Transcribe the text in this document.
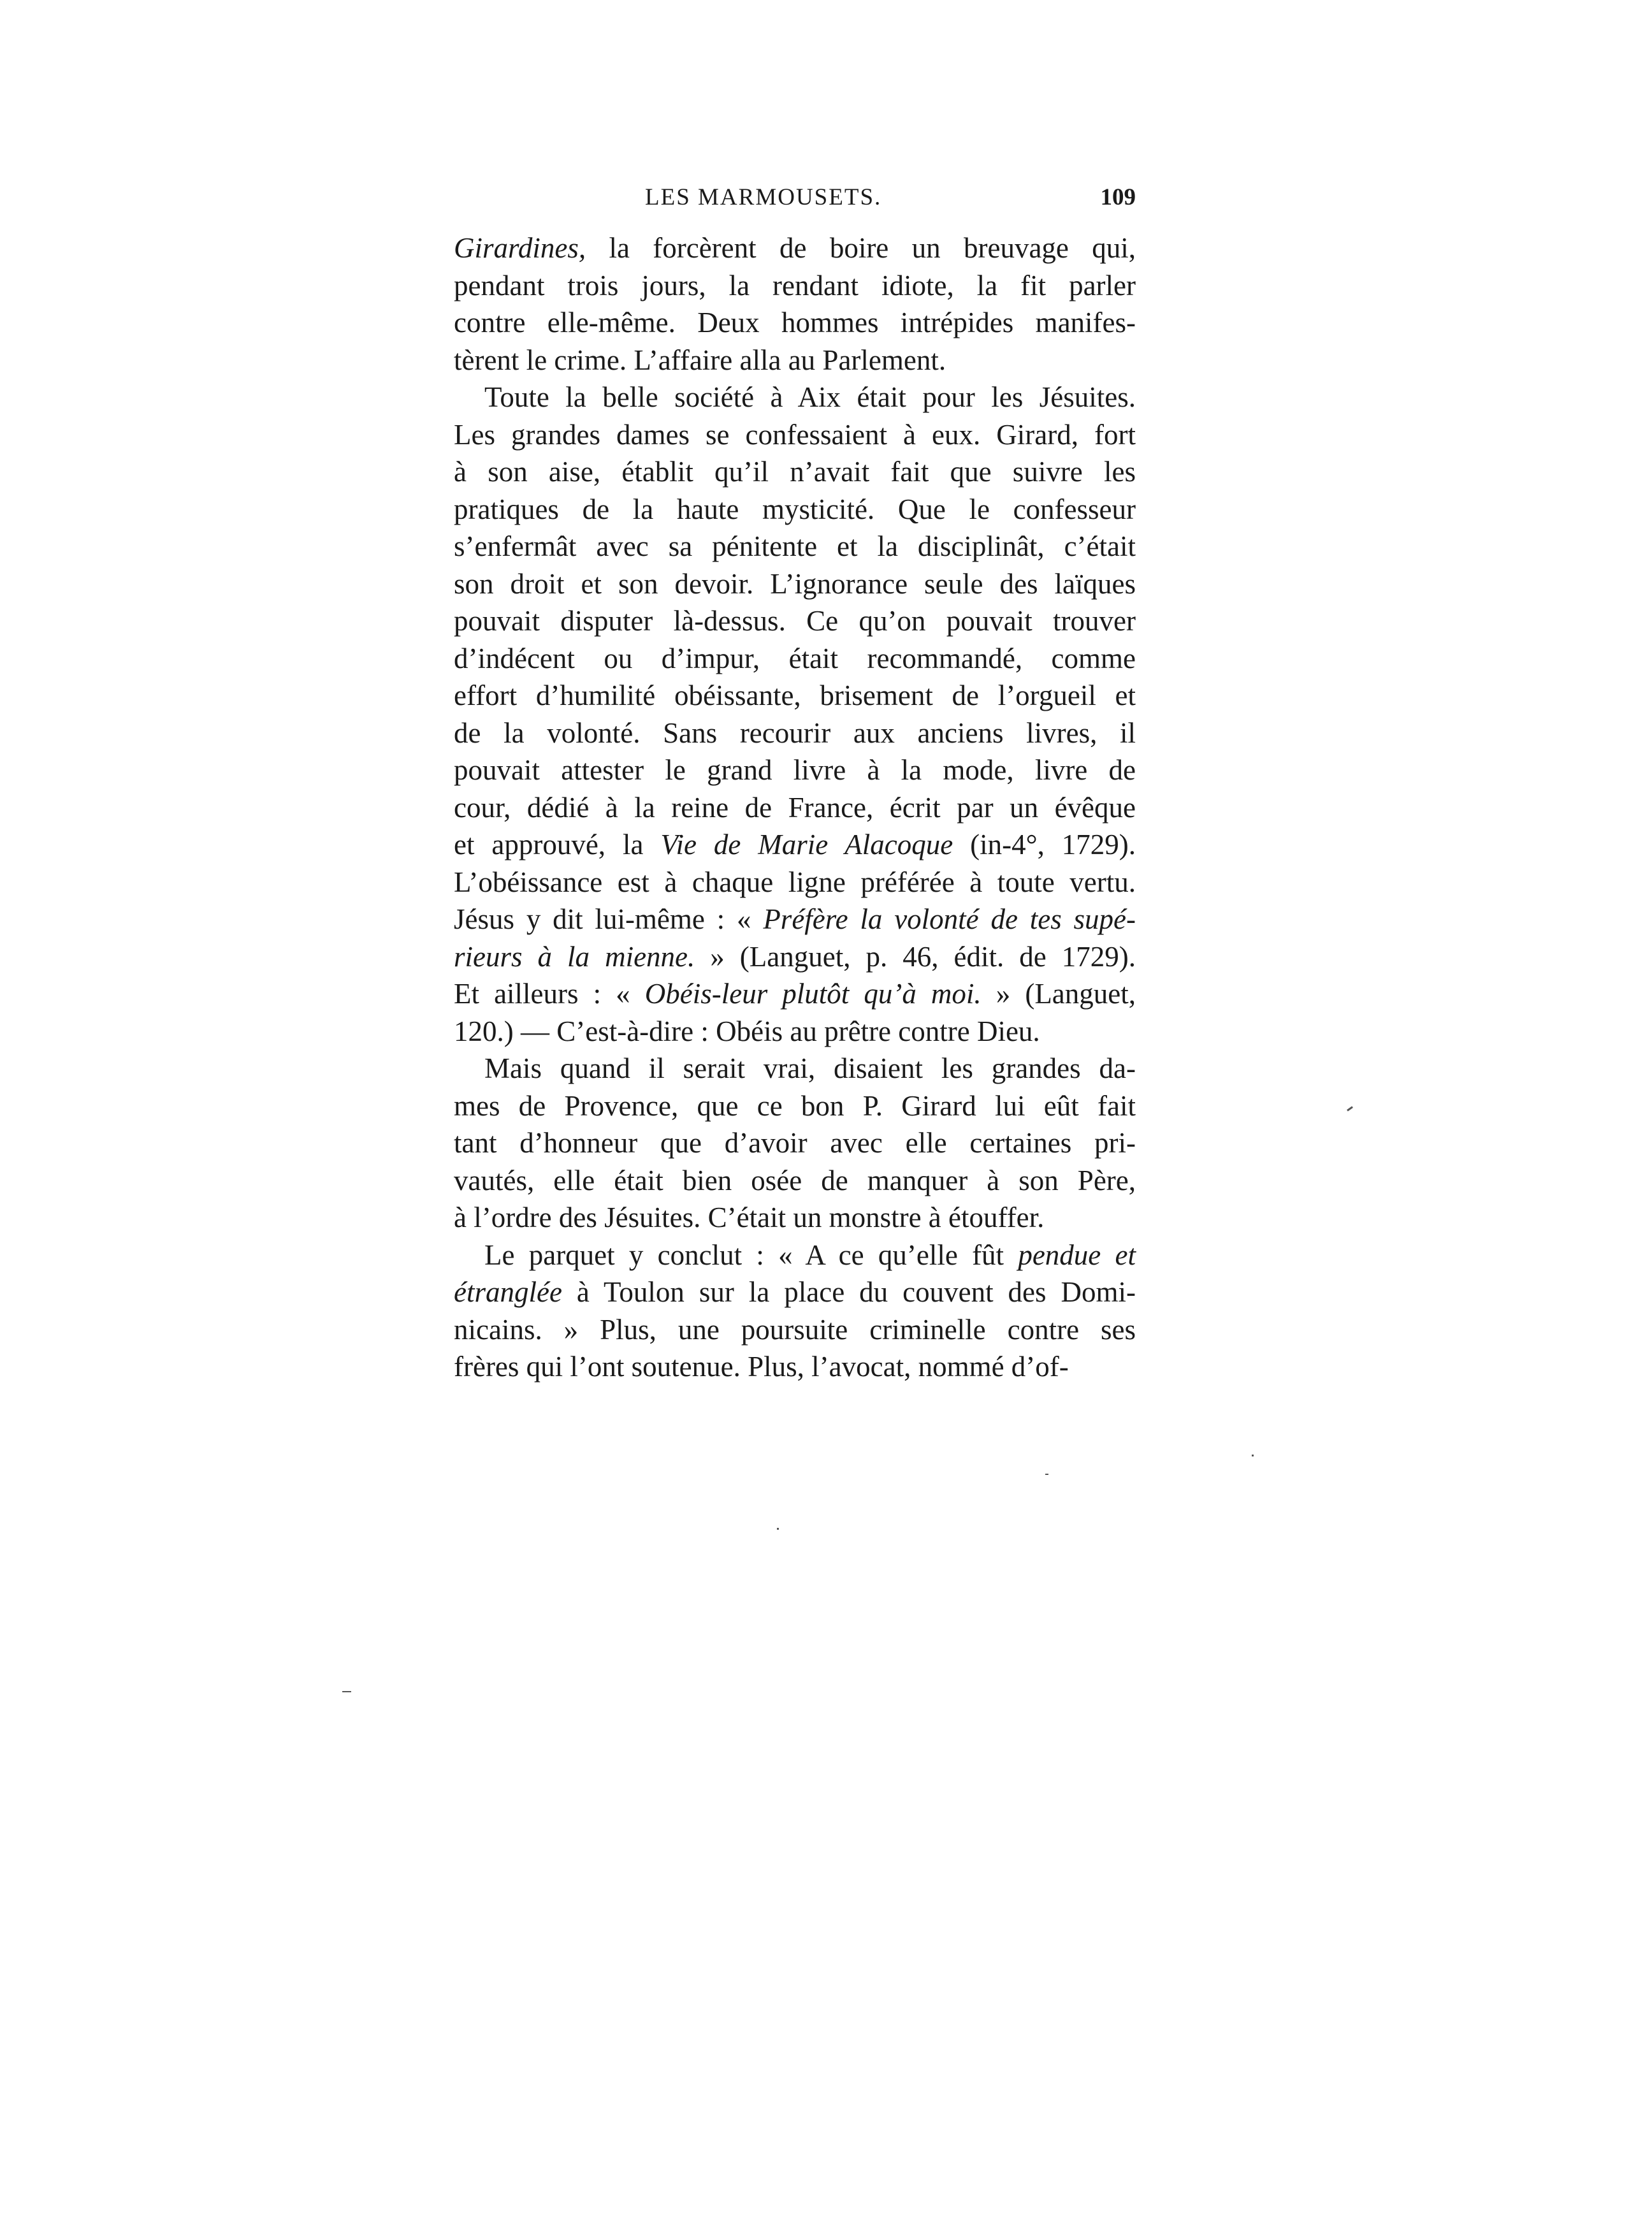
LES MARMOUSETS.	109
Girardines, la forcèrent de boire un breuvage qui,
pendant trois jours, la rendant idiote, la fit parler
contre elle-même. Deux hommes intrépides manifes-
tèrent le crime. L’affaire alla au Parlement.
Toute la belle société à Aix était pour les Jésuites.
Les grandes dames se confessaient à eux. Girard, fort
à son aise, établit qu’il n’avait fait que suivre les
pratiques de la haute mysticité. Que le confesseur
s’enfermât avec sa pénitente et la disciplinât, c’était
son droit et son devoir. L’ignorance seule des laïques
pouvait disputer là-dessus. Ce qu’on pouvait trouver
d’indécent ou d’impur, était recommandé, comme
effort d’humilité obéissante, brisement de l’orgueil et
de la volonté. Sans recourir aux anciens livres, il
pouvait attester le grand livre à la mode, livre de
cour, dédié à la reine de France, écrit par un évêque
et approuvé, la Vie de Marie Alacoque (in-4°, 1729).
L’obéissance est à chaque ligne préférée à toute vertu.
Jésus y dit lui-même : « Préfère la volonté de tes supé-
rieurs à la mienne. » (Languet, p. 46, édit. de 1729).
Et ailleurs : « Obéis-leur plutôt qu’à moi. » (Languet,
120.) — C’est-à-dire : Obéis au prêtre contre Dieu.
Mais quand il serait vrai, disaient les grandes da-
mes de Provence, que ce bon P. Girard lui eût fait
tant d’honneur que d’avoir avec elle certaines pri-
vautés, elle était bien osée de manquer à son Père,
à l’ordre des Jésuites. C’était un monstre à étouffer.
Le parquet y conclut : « A ce qu’elle fût pendue et
étranglée à Toulon sur la place du couvent des Domi-
nicains. » Plus, une poursuite criminelle contre ses
frères qui l’ont soutenue. Plus, l’avocat, nommé d’of-
